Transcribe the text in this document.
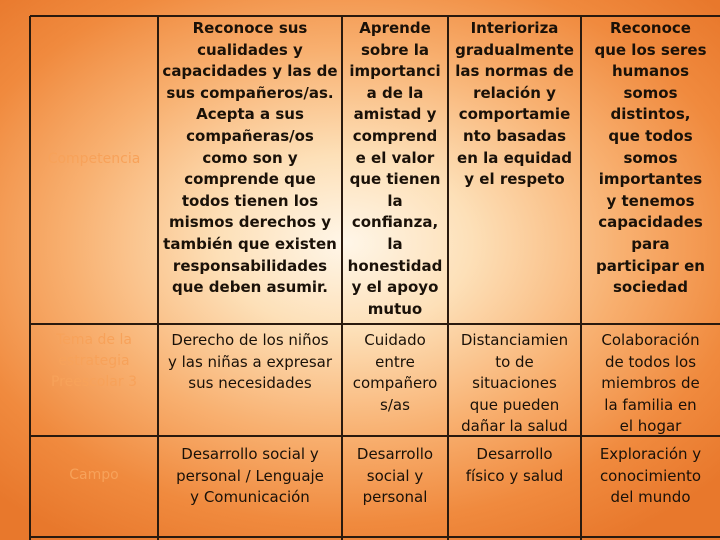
Competencia
Tema de la
estrategia
Preescolar 3
Campo
Reconoce sus
cualidades y
capacidades y las de
sus compañeros/as.
Acepta a sus
compañeras/os
como son y
comprende que
todos tienen los
mismos derechos y
también que existen
responsabilidades
que deben asumir.
Aprende
sobre la
importanci
a de la
amistad y
comprend
e el valor
que tienen
la
confianza,
la
honestidad
y el apoyo
mutuo
Interioriza
gradualmente
las normas de
relación y
comportamie
nto basadas
en la equidad
y el respeto
Reconoce
que los seres
humanos
somos
distintos,
que todos
somos
importantes
y tenemos
capacidades
para
participar en
sociedad
Derecho de los niños
y las niñas a expresar
sus necesidades
Cuidado
entre
compañero
s/as
Distanciamien
to de
situaciones
que pueden
dañar la salud
Colaboración
de todos los
miembros de
la familia en
el hogar
Desarrollo social y
personal / Lenguaje
y Comunicación
Desarrollo
social y
personal
Desarrollo
físico y salud
Exploración y
conocimiento
del mundo
